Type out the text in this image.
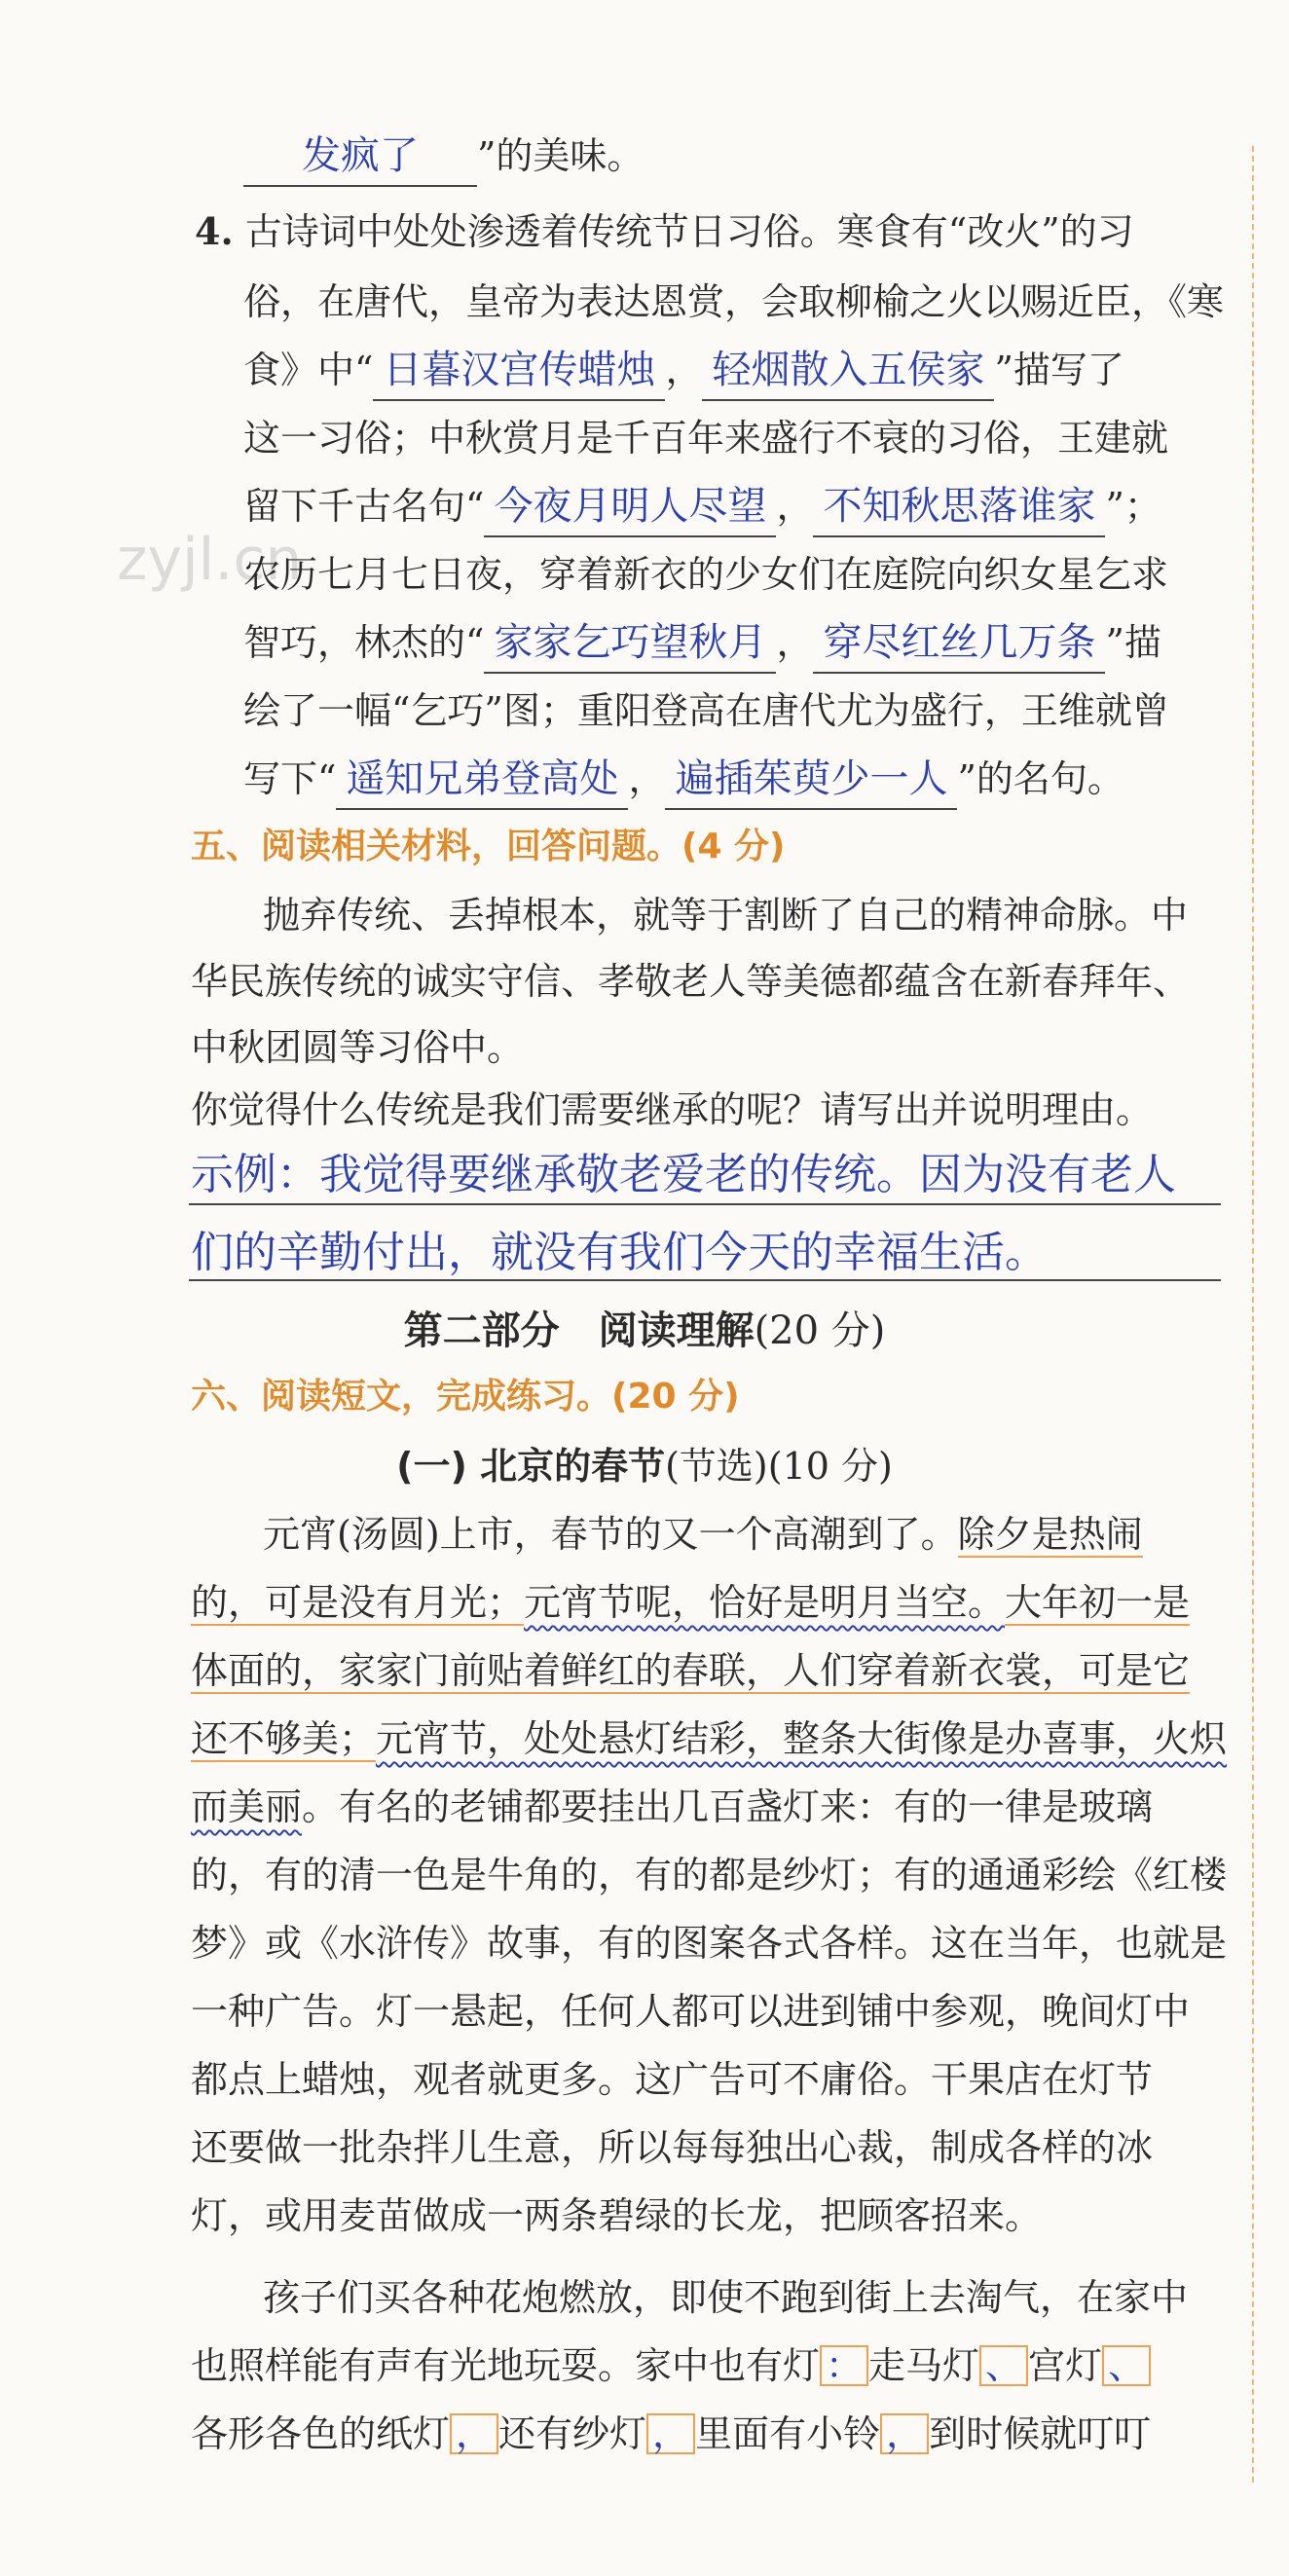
zyjl.cn
发疯了 ”的美味。
4. 古诗词中处处渗透着传统节日习俗。寒食有“改火”的习
俗，在唐代，皇帝为表达恩赏，会取柳榆之火以赐近臣，《寒
食》中“ 日暮汉宫传蜡烛 ， 轻烟散入五侯家 ”描写了
这一习俗；中秋赏月是千百年来盛行不衰的习俗，王建就
留下千古名句“ 今夜月明人尽望 ， 不知秋思落谁家 ”；
农历七月七日夜，穿着新衣的少女们在庭院向织女星乞求
智巧，林杰的“ 家家乞巧望秋月 ， 穿尽红丝几万条 ”描
绘了一幅“乞巧”图；重阳登高在唐代尤为盛行，王维就曾
写下“ 遥知兄弟登高处 ， 遍插茱萸少一人 ”的名句。
五、阅读相关材料，回答问题。(4 分)
抛弃传统、丢掉根本，就等于割断了自己的精神命脉。中
华民族传统的诚实守信、孝敬老人等美德都蕴含在新春拜年、
中秋团圆等习俗中。
你觉得什么传统是我们需要继承的呢？请写出并说明理由。
示例：我觉得要继承敬老爱老的传统。因为没有老人
们的辛勤付出，就没有我们今天的幸福生活。
第二部分　阅读理解(20 分)
六、阅读短文，完成练习。(20 分)
(一) 北京的春节(节选)(10 分)
元宵(汤圆)上市，春节的又一个高潮到了。除夕是热闹
的，可是没有月光；元宵节呢，恰好是明月当空。大年初一是
体面的，家家门前贴着鲜红的春联，人们穿着新衣裳，可是它
还不够美；元宵节，处处悬灯结彩，整条大街像是办喜事，火炽
而美丽。有名的老铺都要挂出几百盏灯来：有的一律是玻璃
的，有的清一色是牛角的，有的都是纱灯；有的通通彩绘《红楼
梦》或《水浒传》故事，有的图案各式各样。这在当年，也就是
一种广告。灯一悬起，任何人都可以进到铺中参观，晚间灯中
都点上蜡烛，观者就更多。这广告可不庸俗。干果店在灯节
还要做一批杂拌儿生意，所以每每独出心裁，制成各样的冰
灯，或用麦苗做成一两条碧绿的长龙，把顾客招来。
孩子们买各种花炮燃放，即使不跑到街上去淘气，在家中
也照样能有声有光地玩耍。家中也有灯 ： 走马灯 、 宫灯 、
各形各色的纸灯 ， 还有纱灯 ， 里面有小铃 ， 到时候就叮叮
